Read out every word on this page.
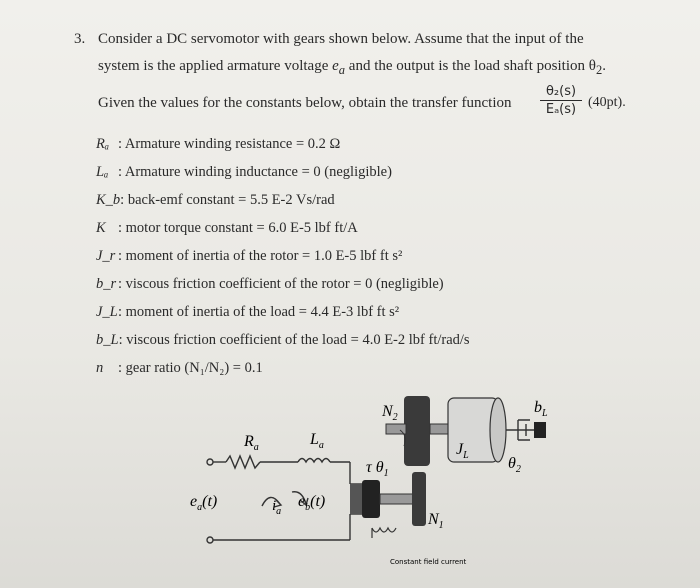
3. Consider a DC servomotor with gears shown below. Assume that the input of the
system is the applied armature voltage $e_a$ and the output is the load shaft position $\theta_2$.
Given the values for the constants below, obtain the transfer function
θ₂(s)
Eₐ(s) (40pt).
Rₐ : Armature winding resistance = 0.2 Ω
Lₐ : Armature winding inductance = 0 (negligible)
K_b: back-emf constant = 5.5 E-2 Vs/rad
K : motor torque constant = 6.0 E-5 lbf ft/A
J_r : moment of inertia of the rotor = 1.0 E-5 lbf ft s²
b_r : viscous friction coefficient of the rotor = 0 (negligible)
J_L: moment of inertia of the load = 4.4 E-3 lbf ft s²
b_L: viscous friction coefficient of the load = 4.0 E-2 lbf ft/rad/s
n : gear ratio (N₁/N₂) = 0.1
$R_a$	$L_a$
$e_a(t)$	$i_a$
$e_b(t)$
τ $\theta_1$
$N_1$
$N_2$
$J_L$
$b_L$
$\theta_2$
Constant field current
